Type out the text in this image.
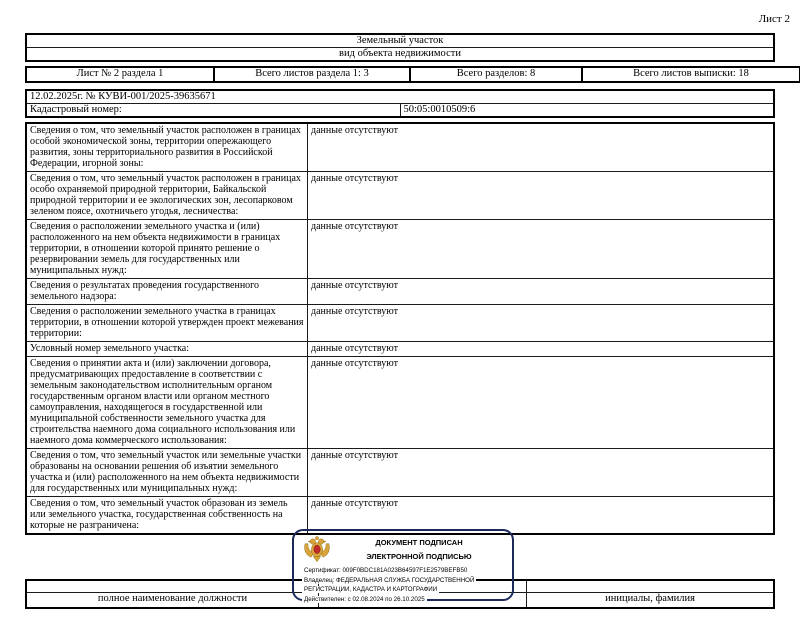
Лист 2
Земельный участок
вид объекта недвижимости
Лист № 2 раздела 1	Всего листов раздела 1: 3	Всего разделов: 8	Всего листов выписки: 18
12.02.2025г. № КУВИ-001/2025-39635671
Кадастровый номер:	50:05:0010509:6
Сведения о том, что земельный участок расположен в границах особой экономической зоны, территории опережающего развития, зоны территориального развития в Российской Федерации, игорной зоны:	данные отсутствуют
Сведения о том, что земельный участок расположен в границах особо охраняемой природной территории, Байкальской природной территории и ее экологических зон, лесопарковом зеленом поясе, охотничьего угодья, лесничества:	данные отсутствуют
Сведения о расположении земельного участка и (или) расположенного на нем объекта недвижимости в границах территории, в отношении которой принято решение о резервировании земель для государственных или муниципальных нужд:	данные отсутствуют
Сведения о результатах проведения государственного земельного надзора:	данные отсутствуют
Сведения о расположении земельного участка в границах территории, в отношении которой утвержден проект межевания территории:	данные отсутствуют
Условный номер земельного участка:	данные отсутствуют
Сведения о принятии акта и (или) заключении договора, предусматривающих предоставление в соответствии с земельным законодательством исполнительным органом государственным органом власти или органом местного самоуправления, находящегося в государственной или муниципальной собственности земельного участка для строительства наемного дома социального использования или наемного дома коммерческого использования:	данные отсутствуют
Сведения о том, что земельный участок или земельные участки образованы на основании решения об изъятии земельного участка и (или) расположенного на нем объекта недвижимости для государственных или муниципальных нужд:	данные отсутствуют
Сведения о том, что земельный участок образован из земель или земельного участка, государственная собственность на которые не разграничена:	данные отсутствуют

полное наименование должности		инициалы, фамилия
ДОКУМЕНТ ПОДПИСАН
ЭЛЕКТРОННОЙ ПОДПИСЬЮ
Сертификат: 009F0BDC181A023B64597F1E2579BEFB50
Владелец: ФЕДЕРАЛЬНАЯ СЛУЖБА ГОСУДАРСТВЕННОЙ
РЕГИСТРАЦИИ, КАДАСТРА И КАРТОГРАФИИ
Действителен: с 02.08.2024 по 26.10.2025
